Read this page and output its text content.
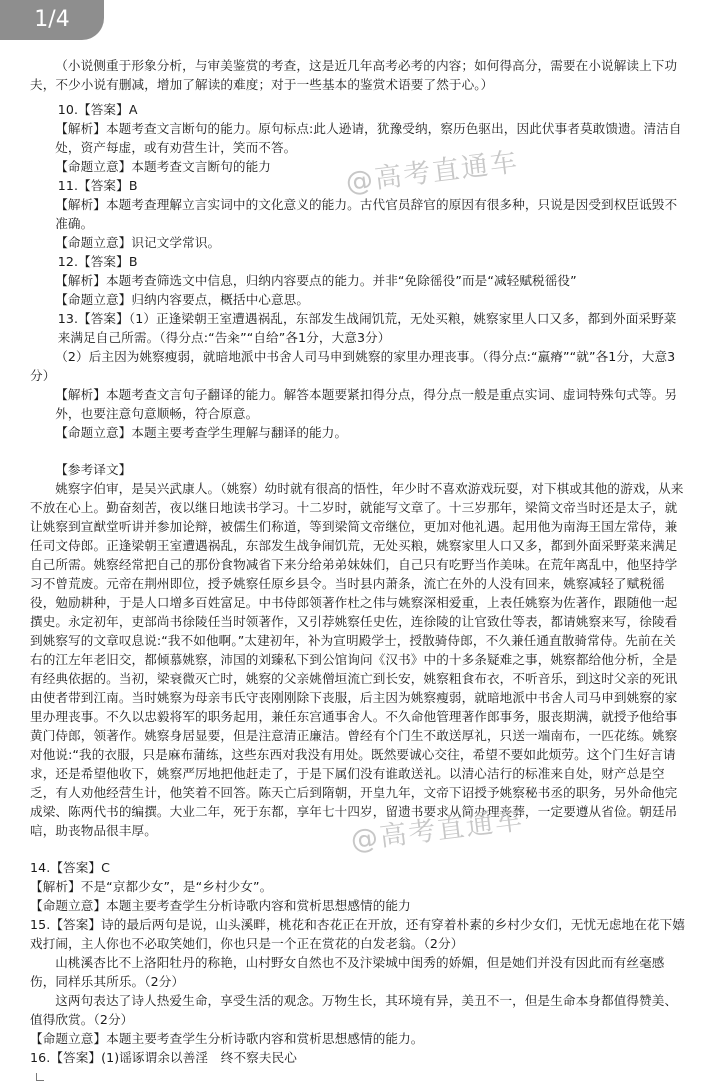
1/4

（小说侧重于形象分析，与审美鉴赏的考查，这是近几年高考必考的内容；如何得高分，需要在小说解读上下功夫，不少小说有删减，增加了解读的难度；对于一些基本的鉴赏术语要了然于心。）

10.【答案】A

【解析】本题考查文言断句的能力。原句标点:此人逊请，犹豫受纳，察历色驱出，因此伏事者莫敢馈遗。清洁自处，资产每虚，或有劝营生计，笑而不答。

【命题立意】本题考查文言断句的能力

11.【答案】B

【解析】本题考查理解立言实词中的文化意义的能力。古代官员辞官的原因有很多种，只说是因受到权臣诋毁不准确。

【命题立意】识记文学常识。

12.【答案】B

【解析】本题考查筛选文中信息，归纳内容要点的能力。并非“免除徭役”而是“减轻赋税徭役”

【命题立意】归纳内容要点，概括中心意思。

13.【答案】（1）正逢梁朝王室遭遇祸乱，东部发生战闹饥荒，无处买粮，姚察家里人口又多，都到外面采野菜来满足自己所需。（得分点:“告籴”“自给”各1分，大意3分）

（2）后主因为姚察瘦弱，就暗地派中书舍人司马申到姚察的家里办理丧事。（得分点:“羸瘠”“就”各1分，大意3分）

【解析】本题考查文言句子翻译的能力。解答本题要紧扣得分点，得分点一般是重点实词、虚词特殊句式等。另外，也要注意句意顺畅，符合原意。

【命题立意】本题主要考查学生理解与翻译的能力。

【参考译文】

姚察字伯审，是吴兴武康人。（姚察）幼时就有很高的悟性，年少时不喜欢游戏玩耍，对下棋或其他的游戏，从来不放在心上。勤奋刻苦，夜以继日地读书学习。十二岁时，就能写文章了。十三岁那年，梁简文帝当时还是太子，就让姚察到宣猷堂听讲并参加论辩，被儒生们称道，等到梁简文帝继位，更加对他礼遇。起用他为南海王国左常侍，兼任司文侍郎。正逢梁朝王室遭遇祸乱，东部发生战争闹饥荒，无处买粮，姚察家里人口又多，都到外面采野菜来满足自己所需。姚察经常把自己的那份食物减省下来分给弟弟妹妹们，自己只有吃野当作美味。在荒年离乱中，他坚持学习不曾荒废。元帝在荆州即位，授予姚察任原乡县令。当时县内萧条，流亡在外的人没有回来，姚察减轻了赋税徭役，勉励耕种，于是人口增多百姓富足。中书侍郎领著作杜之伟与姚察深相爱重，上表任姚察为佐著作，跟随他一起撰史。永定初年，吏部尚书徐陵任当时领著作，又引荐姚察任史佐，连徐陵的让官致仕等表，都请姚察来写，徐陵看到姚察写的文章叹息说:“我不如他啊。”太建初年，补为宣明殿学士，授散骑侍郎，不久兼任通直散骑常侍。先前在关右的江左年老旧交，都倾慕姚察，沛国的刘臻私下到公馆询问《汉书》中的十多条疑难之事，姚察都给他分析，全是有经典依据的。当初，梁衰微灭亡时，姚察的父亲姚僧垣流亡到长安，姚察粗食布衣，不听音乐，到这时父亲的死讯由使者带到江南。当时姚察为母亲韦氏守丧刚刚除下丧服，后主因为姚察瘦弱，就暗地派中书舍人司马申到姚察的家里办理丧事。不久以忠毅将军的职务起用，兼任东宫通事舍人。不久命他管理著作郎事务，服丧期满，就授予他给事黄门侍郎，领著作。姚察身居显要，但是注意清正廉洁。曾经有个门生不敢送厚礼，只送一端南布，一匹花练。姚察对他说:“我的衣服，只是麻布蒲练，这些东西对我没有用处。既然要诚心交往，希望不要如此烦劳。这个门生好言请求，还是希望他收下，姚察严厉地把他赶走了，于是下属们没有谁敢送礼。以清心洁行的标准来自处，财产总是空乏，有人劝他经营生计，他笑着不回答。陈天亡后到隋朝，开皇九年，文帝下诏授予姚察秘书丞的职务，另外命他完成梁、陈两代书的编撰。大业二年，死于东都，享年七十四岁，留遗书要求从简办理丧葬，一定要遵从省俭。朝廷吊唁，助丧物品很丰厚。

14.【答案】C

【解析】不是“京都少女”，是“乡村少女”。

【命题立意】本题主要考查学生分析诗歌内容和赏析思想感情的能力

15.【答案】诗的最后两句是说，山头溪畔，桃花和杏花正在开放，还有穿着朴素的乡村少女们，无忧无虑地在花下嬉戏打闹，主人你也不必取笑她们，你也只是一个正在赏花的白发老翁。（2分）

山桃溪杏比不上洛阳牡丹的称艳，山村野女自然也不及汴梁城中闺秀的娇媚，但是她们并没有因此而有丝毫感伤，同样乐其所乐。（2分）

这两句表达了诗人热爱生命，享受生活的观念。万物生长，其环境有异，美丑不一，但是生命本身都值得赞美、值得欣赏。（2分）

【命题立意】本题主要考查学生分析诗歌内容和赏析思想感情的能力。

16.【答案】(1)谣诼谓余以善淫　终不察夫民心

@高考直通车
@高考直通车
